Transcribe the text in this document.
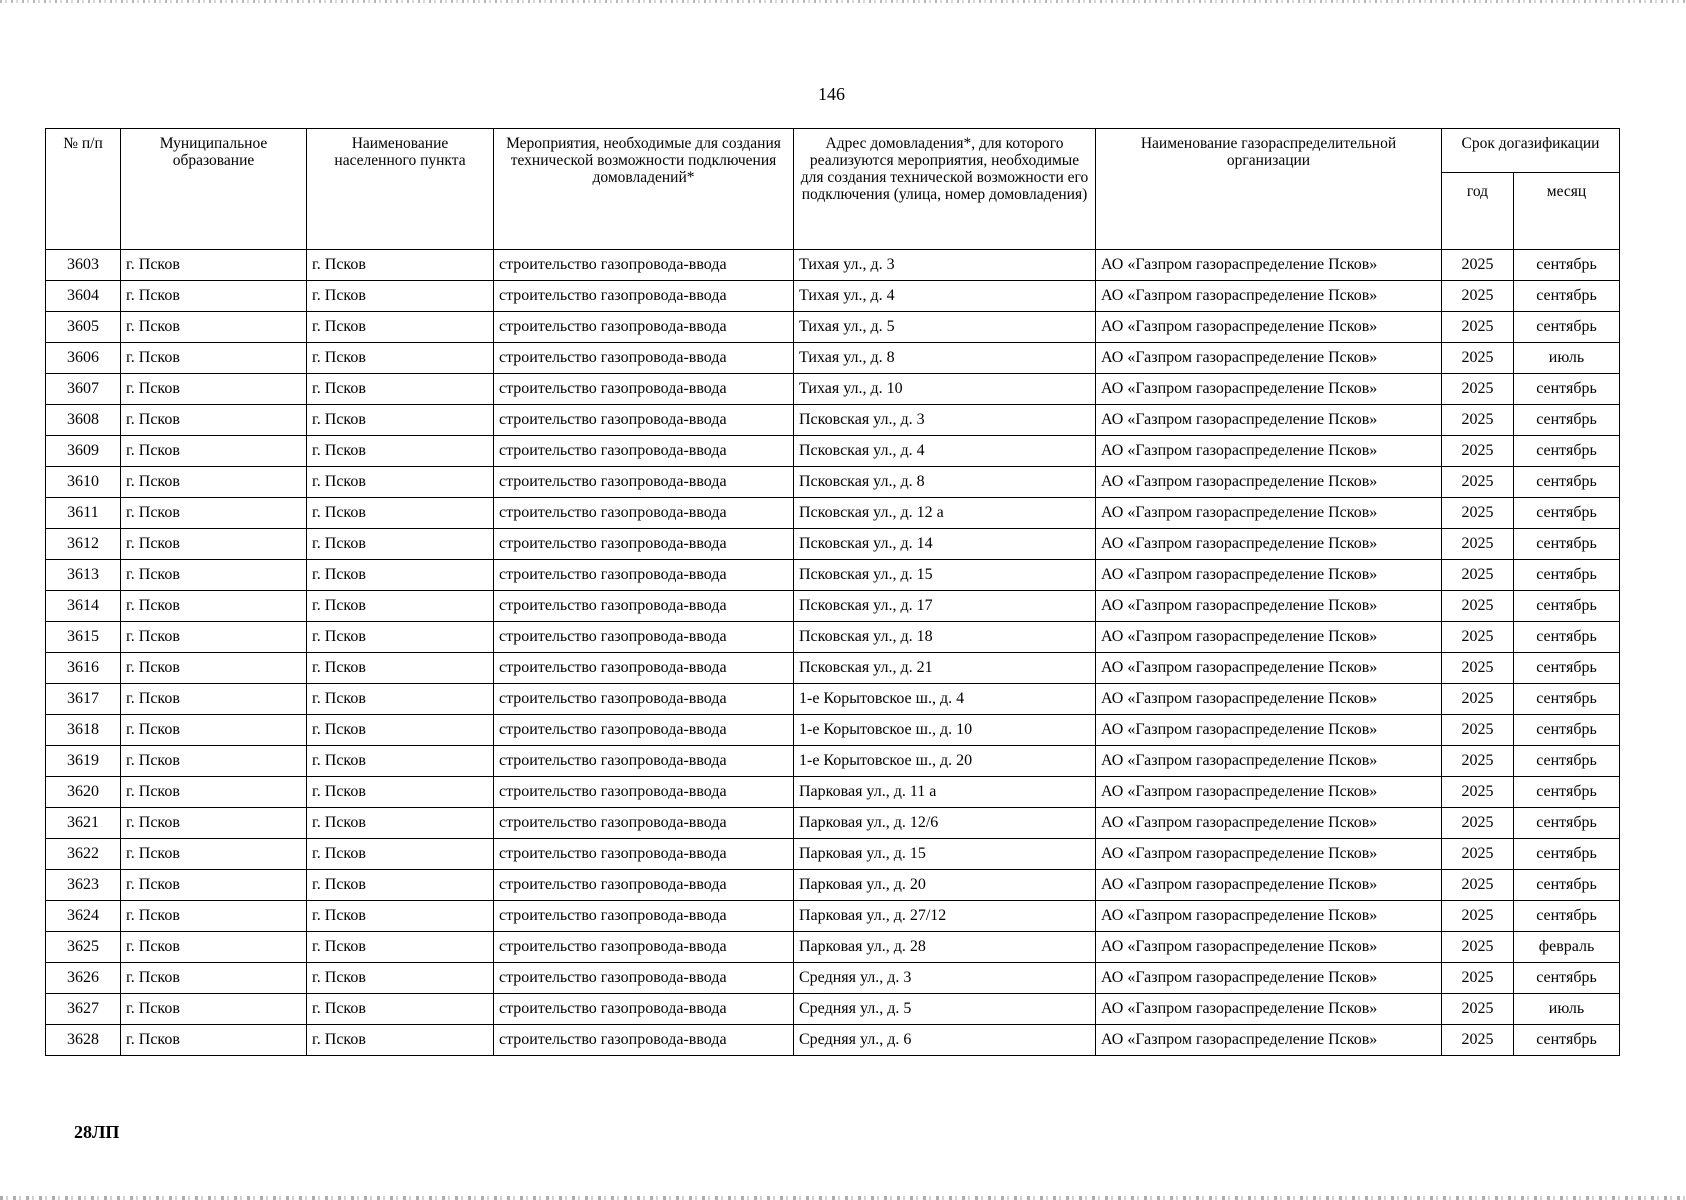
146
№ п/п	Муниципальное образование	Наименование населенного пункта	Мероприятия, необходимые для создания технической возможности подключения домовладений*	Адрес домовладения*, для которого реализуются мероприятия, необходимые для создания технической возможности его подключения (улица, номер домовладения)	Наименование газораспределительной организации	Срок догазификации	
						год	месяц
3603	г. Псков	г. Псков	строительство газопровода-ввода	Тихая ул., д. 3	АО «Газпром газораспределение Псков»	2025	сентябрь
3604	г. Псков	г. Псков	строительство газопровода-ввода	Тихая ул., д. 4	АО «Газпром газораспределение Псков»	2025	сентябрь
3605	г. Псков	г. Псков	строительство газопровода-ввода	Тихая ул., д. 5	АО «Газпром газораспределение Псков»	2025	сентябрь
3606	г. Псков	г. Псков	строительство газопровода-ввода	Тихая ул., д. 8	АО «Газпром газораспределение Псков»	2025	июль
3607	г. Псков	г. Псков	строительство газопровода-ввода	Тихая ул., д. 10	АО «Газпром газораспределение Псков»	2025	сентябрь
3608	г. Псков	г. Псков	строительство газопровода-ввода	Псковская ул., д. 3	АО «Газпром газораспределение Псков»	2025	сентябрь
3609	г. Псков	г. Псков	строительство газопровода-ввода	Псковская ул., д. 4	АО «Газпром газораспределение Псков»	2025	сентябрь
3610	г. Псков	г. Псков	строительство газопровода-ввода	Псковская ул., д. 8	АО «Газпром газораспределение Псков»	2025	сентябрь
3611	г. Псков	г. Псков	строительство газопровода-ввода	Псковская ул., д. 12 а	АО «Газпром газораспределение Псков»	2025	сентябрь
3612	г. Псков	г. Псков	строительство газопровода-ввода	Псковская ул., д. 14	АО «Газпром газораспределение Псков»	2025	сентябрь
3613	г. Псков	г. Псков	строительство газопровода-ввода	Псковская ул., д. 15	АО «Газпром газораспределение Псков»	2025	сентябрь
3614	г. Псков	г. Псков	строительство газопровода-ввода	Псковская ул., д. 17	АО «Газпром газораспределение Псков»	2025	сентябрь
3615	г. Псков	г. Псков	строительство газопровода-ввода	Псковская ул., д. 18	АО «Газпром газораспределение Псков»	2025	сентябрь
3616	г. Псков	г. Псков	строительство газопровода-ввода	Псковская ул., д. 21	АО «Газпром газораспределение Псков»	2025	сентябрь
3617	г. Псков	г. Псков	строительство газопровода-ввода	1-е Корытовское ш., д. 4	АО «Газпром газораспределение Псков»	2025	сентябрь
3618	г. Псков	г. Псков	строительство газопровода-ввода	1-е Корытовское ш., д. 10	АО «Газпром газораспределение Псков»	2025	сентябрь
3619	г. Псков	г. Псков	строительство газопровода-ввода	1-е Корытовское ш., д. 20	АО «Газпром газораспределение Псков»	2025	сентябрь
3620	г. Псков	г. Псков	строительство газопровода-ввода	Парковая ул., д. 11 а	АО «Газпром газораспределение Псков»	2025	сентябрь
3621	г. Псков	г. Псков	строительство газопровода-ввода	Парковая ул., д. 12/6	АО «Газпром газораспределение Псков»	2025	сентябрь
3622	г. Псков	г. Псков	строительство газопровода-ввода	Парковая ул., д. 15	АО «Газпром газораспределение Псков»	2025	сентябрь
3623	г. Псков	г. Псков	строительство газопровода-ввода	Парковая ул., д. 20	АО «Газпром газораспределение Псков»	2025	сентябрь
3624	г. Псков	г. Псков	строительство газопровода-ввода	Парковая ул., д. 27/12	АО «Газпром газораспределение Псков»	2025	сентябрь
3625	г. Псков	г. Псков	строительство газопровода-ввода	Парковая ул., д. 28	АО «Газпром газораспределение Псков»	2025	февраль
3626	г. Псков	г. Псков	строительство газопровода-ввода	Средняя ул., д. 3	АО «Газпром газораспределение Псков»	2025	сентябрь
3627	г. Псков	г. Псков	строительство газопровода-ввода	Средняя ул., д. 5	АО «Газпром газораспределение Псков»	2025	июль
3628	г. Псков	г. Псков	строительство газопровода-ввода	Средняя ул., д. 6	АО «Газпром газораспределение Псков»	2025	сентябрь
28ЛП
